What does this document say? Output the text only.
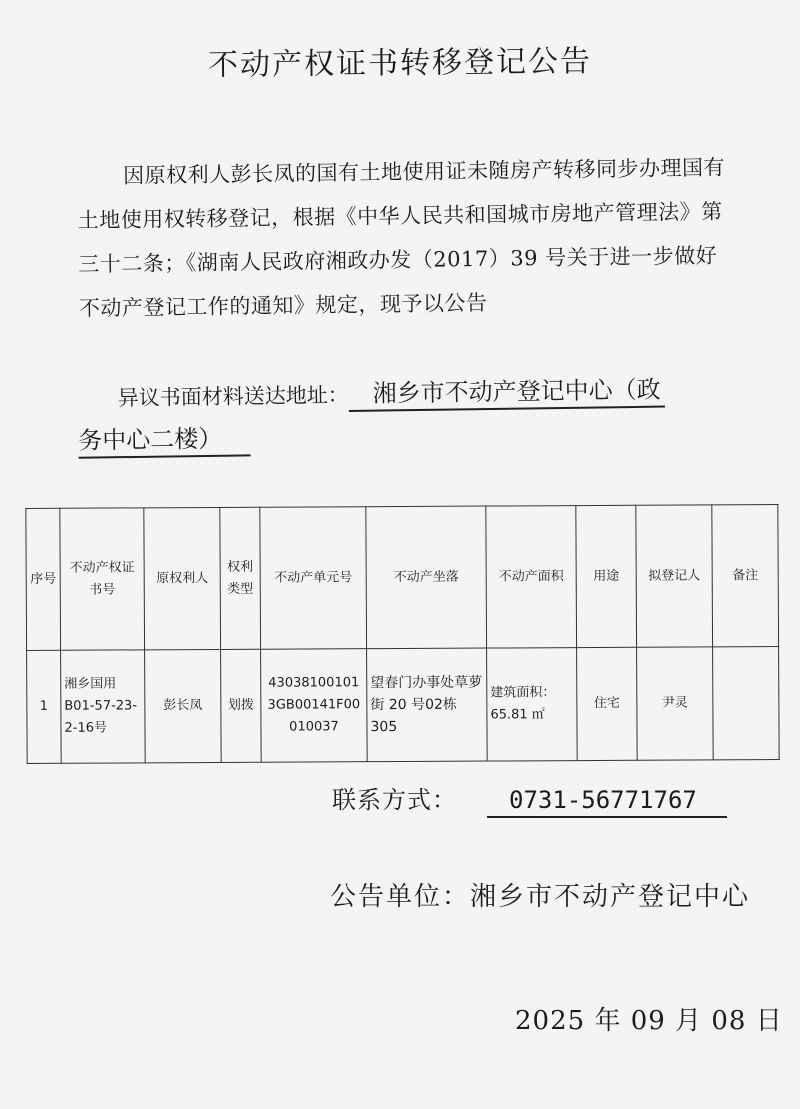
不动产权证书转移登记公告
因原权利人彭长凤的国有土地使用证未随房产转移同步办理国有土地使用权转移登记，根据《中华人民共和国城市房地产管理法》第三十二条；《湖南人民政府湘政办发（2017）39 号关于进一步做好不动产登记工作的通知》规定，现予以公告
异议书面材料送达地址： 湘乡市不动产登记中心（政
务中心二楼）
序号	不动产权证书号	原权利人	权利类型	不动产单元号	不动产坐落	不动产面积	用途	拟登记人	备注
1	湘乡国用B01-57-23-2-16号	彭长凤	划拨	430381001013GB00141F00010037	望春门办事处草萝街 20 号02栋305	建筑面积：65.81 ㎡	住宅	尹灵	
联系方式： 0731-56771767
公告单位：湘乡市不动产登记中心
2025 年 09 月 08 日
